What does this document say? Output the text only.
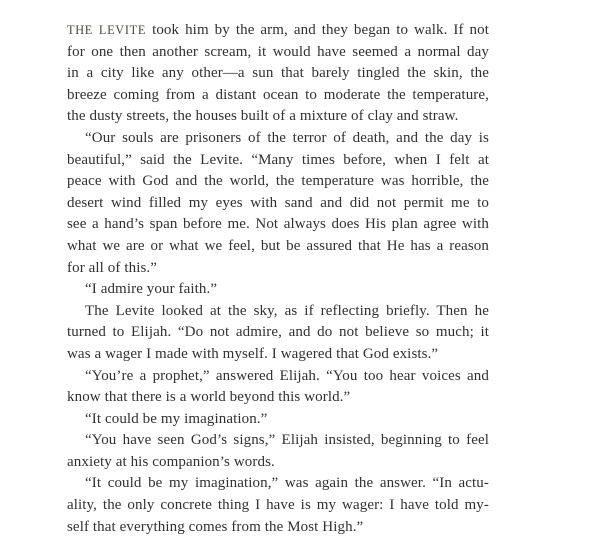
THE LEVITE took him by the arm, and they began to walk. If not
for one then another scream, it would have seemed a normal day
in a city like any other—a sun that barely tingled the skin, the
breeze coming from a distant ocean to moderate the temperature,
the dusty streets, the houses built of a mixture of clay and straw.
“Our souls are prisoners of the terror of death, and the day is
beautiful,” said the Levite. “Many times before, when I felt at
peace with God and the world, the temperature was horrible, the
desert wind filled my eyes with sand and did not permit me to
see a hand’s span before me. Not always does His plan agree with
what we are or what we feel, but be assured that He has a reason
for all of this.”
“I admire your faith.”
The Levite looked at the sky, as if reflecting briefly. Then he
turned to Elijah. “Do not admire, and do not believe so much; it
was a wager I made with myself. I wagered that God exists.”
“You’re a prophet,” answered Elijah. “You too hear voices and
know that there is a world beyond this world.”
“It could be my imagination.”
“You have seen God’s signs,” Elijah insisted, beginning to feel
anxiety at his companion’s words.
“It could be my imagination,” was again the answer. “In actu-
ality, the only concrete thing I have is my wager: I have told my-
self that everything comes from the Most High.”
